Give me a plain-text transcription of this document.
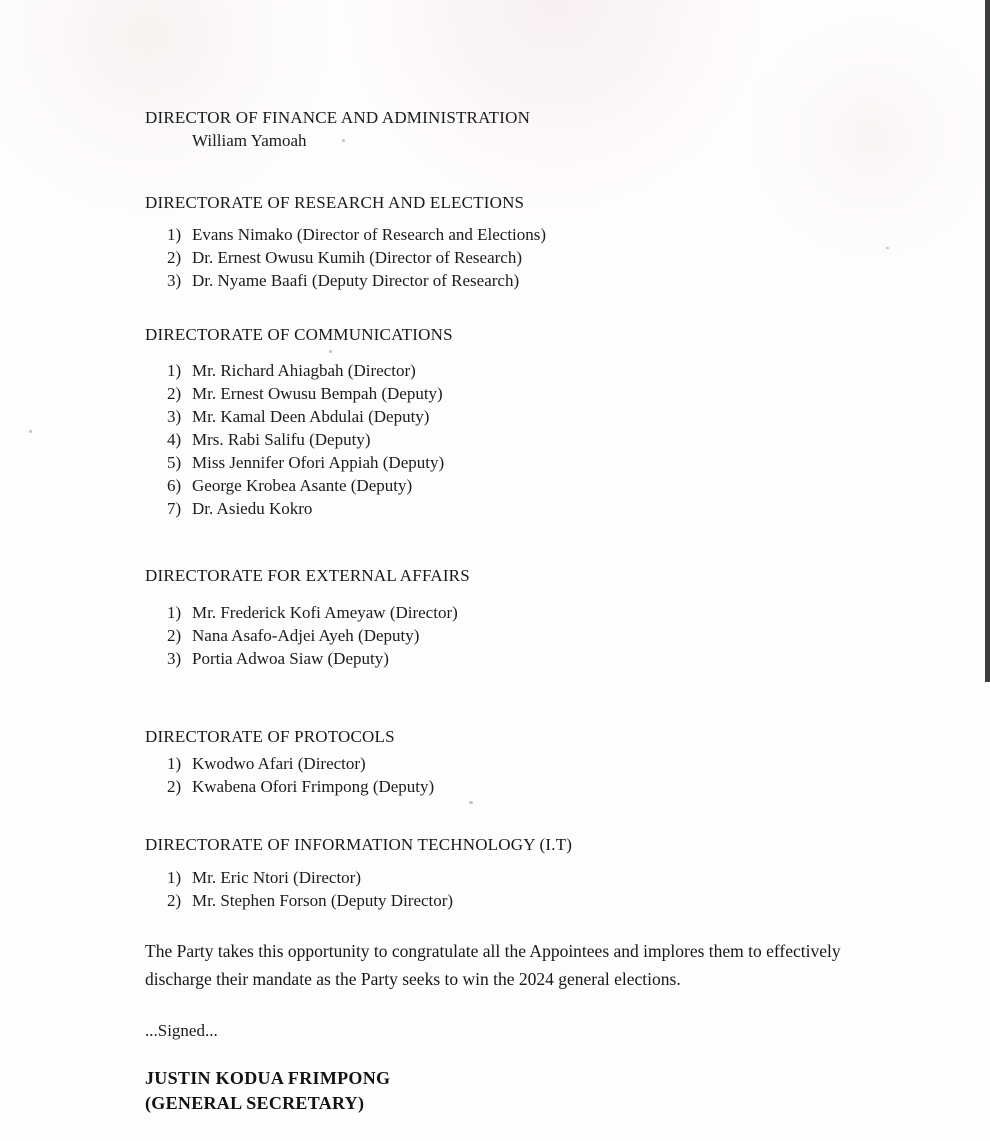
DIRECTOR OF FINANCE AND ADMINISTRATION
William Yamoah
DIRECTORATE OF RESEARCH AND ELECTIONS
1) Evans Nimako (Director of Research and Elections)
2) Dr. Ernest Owusu Kumih (Director of Research)
3) Dr. Nyame Baafi (Deputy Director of Research)
DIRECTORATE OF COMMUNICATIONS
1) Mr. Richard Ahiagbah (Director)
2) Mr. Ernest Owusu Bempah (Deputy)
3) Mr. Kamal Deen Abdulai (Deputy)
4) Mrs. Rabi Salifu (Deputy)
5) Miss Jennifer Ofori Appiah (Deputy)
6) George Krobea Asante (Deputy)
7) Dr. Asiedu Kokro
DIRECTORATE FOR EXTERNAL AFFAIRS
1) Mr. Frederick Kofi Ameyaw (Director)
2) Nana Asafo-Adjei Ayeh (Deputy)
3) Portia Adwoa Siaw (Deputy)
DIRECTORATE OF PROTOCOLS
1) Kwodwo Afari (Director)
2) Kwabena Ofori Frimpong (Deputy)
DIRECTORATE OF INFORMATION TECHNOLOGY (I.T)
1) Mr. Eric Ntori (Director)
2) Mr. Stephen Forson (Deputy Director)
The Party takes this opportunity to congratulate all the Appointees and implores them to effectively discharge their mandate as the Party seeks to win the 2024 general elections.
...Signed...
JUSTIN KODUA FRIMPONG
(GENERAL SECRETARY)
